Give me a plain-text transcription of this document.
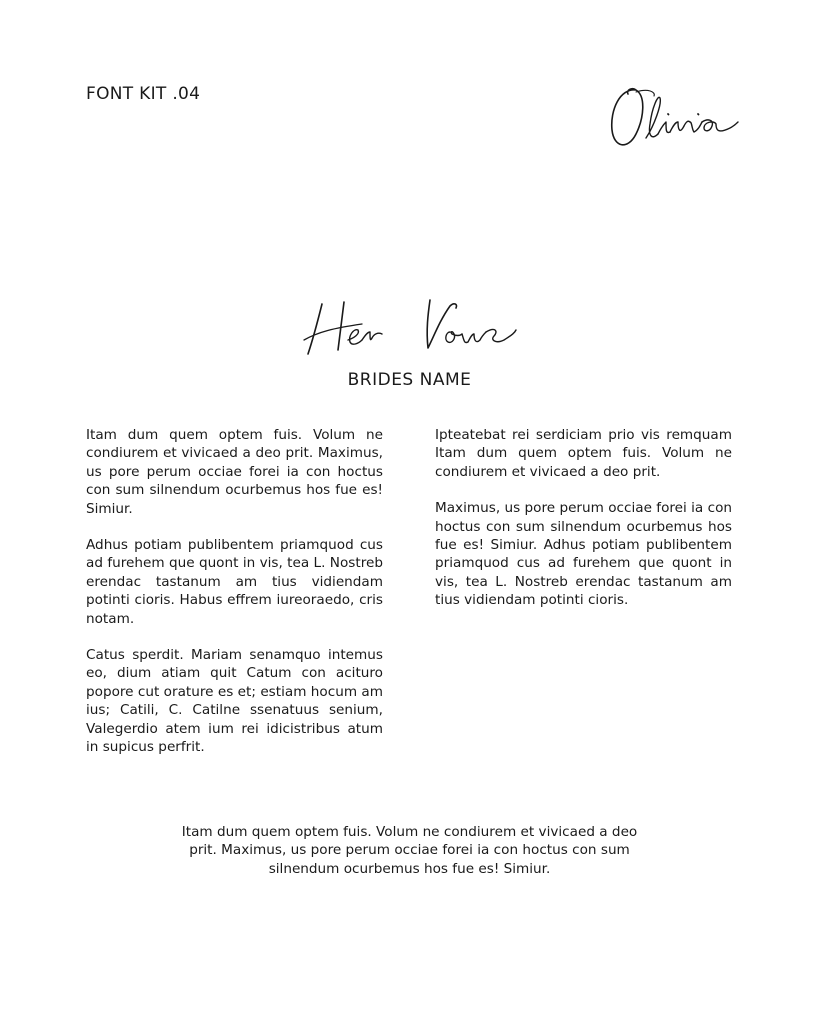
FONT KIT .04
BRIDES NAME

Itam dum quem optem fuis. Volum ne condiurem et vivicaed a deo prit. Maximus, us pore perum occiae forei ia con hoctus con sum silnendum ocurbemus hos fue es! Simiur.

Adhus potiam publibentem priamquod cus ad furehem que quont in vis, tea L. Nostreb erendac tastanum am tius vidiendam potinti cioris. Habus effrem iureoraedo, cris notam.

Catus sperdit. Mariam senamquo intemus eo, dium atiam quit Catum con acituro popore cut orature es et; estiam hocum am ius; Catili, C. Catilne ssenatuus senium, Valegerdio atem ium rei idicistribus atum in supicus perfrit.

Ipteatebat rei serdiciam prio vis remquam Itam dum quem optem fuis. Volum ne condiurem et vivicaed a deo prit.

Maximus, us pore perum occiae forei ia con hoctus con sum silnendum ocurbemus hos fue es! Simiur. Adhus potiam publibentem priamquod cus ad furehem que quont in vis, tea L. Nostreb erendac tastanum am tius vidiendam potinti cioris.

Itam dum quem optem fuis. Volum ne condiurem et vivicaed a deo prit. Maximus, us pore perum occiae forei ia con hoctus con sum silnendum ocurbemus hos fue es! Simiur.
